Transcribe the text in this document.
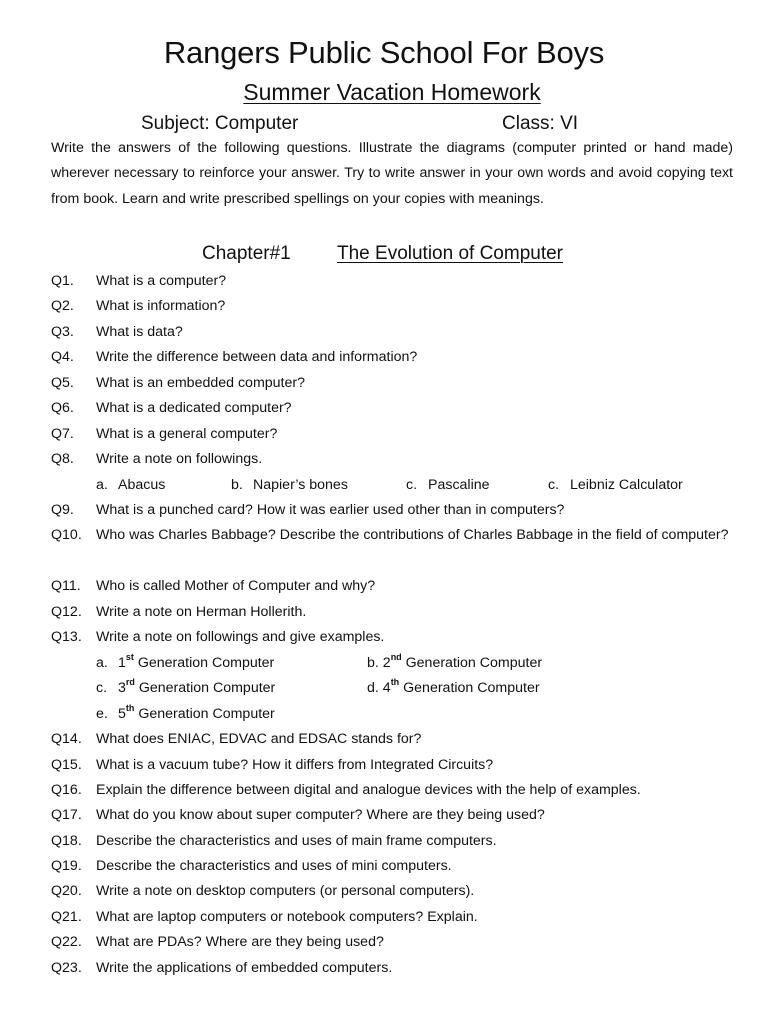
Rangers Public School For Boys
Summer Vacation Homework
Subject: Computer	Class: VI
Write the answers of the following questions. Illustrate the diagrams (computer printed or hand made) wherever necessary to reinforce your answer. Try to write answer in your own words and avoid copying text from book. Learn and write prescribed spellings on your copies with meanings.
Chapter#1 The Evolution of Computer
Q1.	What is a computer?
Q2.	What is information?
Q3.	What is data?
Q4.	Write the difference between data and information?
Q5.	What is an embedded computer?
Q6.	What is a dedicated computer?
Q7.	What is a general computer?
Q8.	Write a note on followings.
a. Abacus	b. Napier’s bones	c. Pascaline	c. Leibniz Calculator
Q9.	What is a punched card? How it was earlier used other than in computers?
Q10.	Who was Charles Babbage? Describe the contributions of Charles Babbage in the field of computer?
Q11.	Who is called Mother of Computer and why?
Q12.	Write a note on Herman Hollerith.
Q13.	Write a note on followings and give examples.
a. 1st Generation Computer	b. 2nd Generation Computer
c. 3rd Generation Computer	d. 4th Generation Computer
e. 5th Generation Computer
Q14.	What does ENIAC, EDVAC and EDSAC stands for?
Q15.	What is a vacuum tube? How it differs from Integrated Circuits?
Q16.	Explain the difference between digital and analogue devices with the help of examples.
Q17.	What do you know about super computer? Where are they being used?
Q18.	Describe the characteristics and uses of main frame computers.
Q19.	Describe the characteristics and uses of mini computers.
Q20.	Write a note on desktop computers (or personal computers).
Q21.	What are laptop computers or notebook computers? Explain.
Q22.	What are PDAs? Where are they being used?
Q23.	Write the applications of embedded computers.
